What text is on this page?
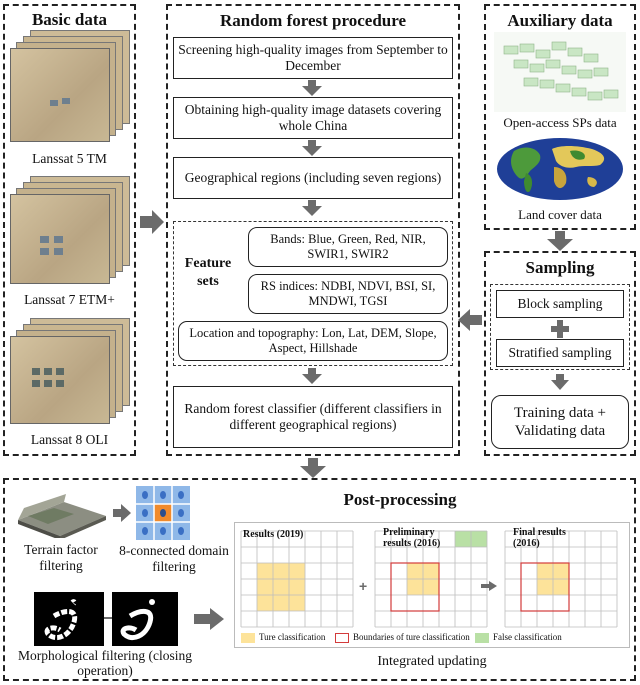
Basic data
Lanssat 5 TM
Lanssat 7 ETM+
Lanssat 8 OLI
Random forest procedure
Screening high-quality images from September to December
Obtaining high-quality image datasets covering whole China
Geographical regions (including seven regions)
Feature sets
Bands: Blue, Green, Red, NIR, SWIR1, SWIR2
RS indices: NDBI, NDVI, BSI, SI, MNDWI, TGSI
Location and topography: Lon, Lat, DEM, Slope, Aspect, Hillshade
Random forest classifier (different classifiers in different geographical regions)
Auxiliary data
Open-access SPs data
Land cover data
Sampling
Block sampling
Stratified sampling
Training data + Validating data
Post-processing
Terrain factor filtering
8-connected domain filtering
Morphological filtering (closing operation)
+
Results (2019)	Preliminary results (2016)
Final results (2016)
Ture classification	Boundaries of ture classification	False classification
Integrated updating
